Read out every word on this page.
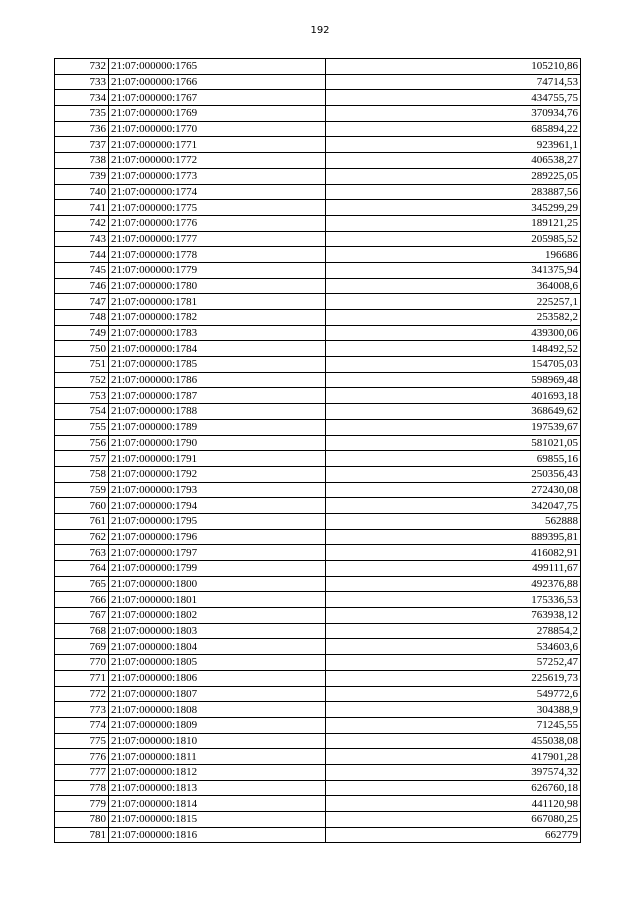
192
732	21:07:000000:1765	105210,86
733	21:07:000000:1766	74714,53
734	21:07:000000:1767	434755,75
735	21:07:000000:1769	370934,76
736	21:07:000000:1770	685894,22
737	21:07:000000:1771	923961,1
738	21:07:000000:1772	406538,27
739	21:07:000000:1773	289225,05
740	21:07:000000:1774	283887,56
741	21:07:000000:1775	345299,29
742	21:07:000000:1776	189121,25
743	21:07:000000:1777	205985,52
744	21:07:000000:1778	196686
745	21:07:000000:1779	341375,94
746	21:07:000000:1780	364008,6
747	21:07:000000:1781	225257,1
748	21:07:000000:1782	253582,2
749	21:07:000000:1783	439300,06
750	21:07:000000:1784	148492,52
751	21:07:000000:1785	154705,03
752	21:07:000000:1786	598969,48
753	21:07:000000:1787	401693,18
754	21:07:000000:1788	368649,62
755	21:07:000000:1789	197539,67
756	21:07:000000:1790	581021,05
757	21:07:000000:1791	69855,16
758	21:07:000000:1792	250356,43
759	21:07:000000:1793	272430,08
760	21:07:000000:1794	342047,75
761	21:07:000000:1795	562888
762	21:07:000000:1796	889395,81
763	21:07:000000:1797	416082,91
764	21:07:000000:1799	499111,67
765	21:07:000000:1800	492376,88
766	21:07:000000:1801	175336,53
767	21:07:000000:1802	763938,12
768	21:07:000000:1803	278854,2
769	21:07:000000:1804	534603,6
770	21:07:000000:1805	57252,47
771	21:07:000000:1806	225619,73
772	21:07:000000:1807	549772,6
773	21:07:000000:1808	304388,9
774	21:07:000000:1809	71245,55
775	21:07:000000:1810	455038,08
776	21:07:000000:1811	417901,28
777	21:07:000000:1812	397574,32
778	21:07:000000:1813	626760,18
779	21:07:000000:1814	441120,98
780	21:07:000000:1815	667080,25
781	21:07:000000:1816	662779
